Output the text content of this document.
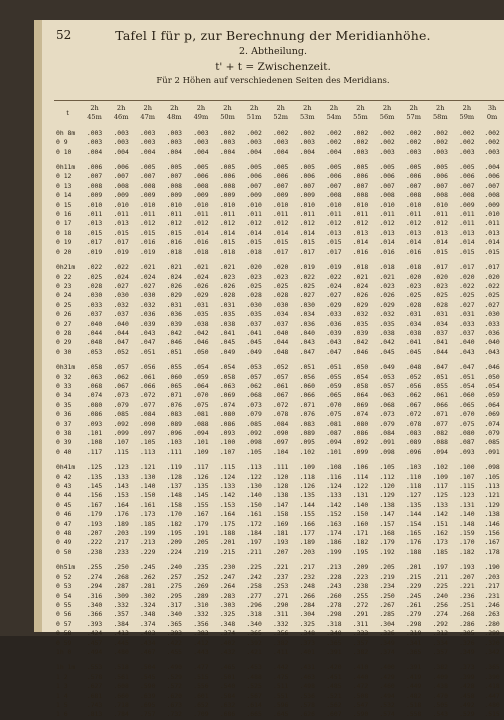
52	Tafel I für p, zur Berechnung der Meridianhöhe.
2. Abtheilung.
t' + t = Zwischenzeit.
Für 2 Höhen auf verschiedenen Seiten des Meridians.
t	2h 45m	2h 46m	2h 47m	2h 48m	2h 49m	2h 50m	2h 51m	2h 52m	2h 53m	2h 54m	2h 55m	2h 56m	2h 57m	2h 58m	2h 59m	3h 0m
0h 8m	.003	.003	.003	.003	.003	.002	.002	.002	.002	.002	.002	.002	.002	.002	.002	.002
0 9	.003	.003	.003	.003	.003	.003	.003	.003	.003	.002	.002	.002	.002	.002	.002	.002
0 10	.004	.004	.004	.004	.004	.004	.004	.004	.004	.004	.003	.003	.003	.003	.003	.003

0h11m	.006	.006	.005	.005	.005	.005	.005	.005	.005	.005	.005	.005	.005	.005	.005	.004
0 12	.007	.007	.007	.007	.006	.006	.006	.006	.006	.006	.006	.006	.006	.006	.006	.006
0 13	.008	.008	.008	.008	.008	.008	.007	.007	.007	.007	.007	.007	.007	.007	.007	.007
0 14	.009	.009	.009	.009	.009	.009	.009	.009	.009	.008	.008	.008	.008	.008	.008	.008
0 15	.010	.010	.010	.010	.010	.010	.010	.010	.010	.010	.010	.010	.010	.010	.009	.009
0 16	.011	.011	.011	.011	.011	.011	.011	.011	.011	.011	.011	.011	.011	.011	.011	.010
0 17	.013	.013	.012	.012	.012	.012	.012	.012	.012	.012	.012	.012	.012	.012	.011	.011
0 18	.015	.015	.015	.015	.014	.014	.014	.014	.014	.013	.013	.013	.013	.013	.013	.013
0 19	.017	.017	.016	.016	.016	.015	.015	.015	.015	.015	.014	.014	.014	.014	.014	.014
0 20	.019	.019	.019	.018	.018	.018	.018	.017	.017	.017	.016	.016	.016	.015	.015	.015

0h21m	.022	.022	.021	.021	.021	.021	.020	.020	.019	.019	.018	.018	.018	.017	.017	.017
0 22	.025	.024	.024	.024	.024	.023	.023	.023	.022	.022	.021	.021	.020	.020	.020	.020
0 23	.028	.027	.027	.026	.026	.026	.025	.025	.025	.024	.024	.023	.023	.023	.022	.022
0 24	.030	.030	.030	.029	.029	.028	.028	.028	.027	.027	.026	.026	.025	.025	.025	.025
0 25	.033	.032	.032	.031	.031	.031	.030	.030	.030	.029	.029	.029	.028	.028	.027	.027
0 26	.037	.037	.036	.036	.035	.035	.035	.034	.034	.033	.032	.032	.031	.031	.031	.030
0 27	.040	.040	.039	.039	.038	.038	.037	.037	.036	.036	.035	.035	.034	.034	.033	.033
0 28	.044	.044	.043	.042	.042	.041	.041	.040	.040	.039	.039	.038	.038	.037	.037	.036
0 29	.048	.047	.047	.046	.046	.045	.045	.044	.043	.043	.042	.042	.041	.041	.040	.040
0 30	.053	.052	.051	.051	.050	.049	.049	.048	.047	.047	.046	.045	.045	.044	.043	.043

0h31m	.058	.057	.056	.055	.054	.054	.053	.052	.051	.051	.050	.049	.048	.047	.047	.046
0 32	.063	.062	.061	.060	.059	.058	.057	.057	.056	.055	.054	.053	.052	.051	.051	.050
0 33	.068	.067	.066	.065	.064	.063	.062	.061	.060	.059	.058	.057	.056	.055	.054	.054
0 34	.074	.073	.072	.071	.070	.069	.068	.067	.066	.065	.064	.063	.062	.061	.060	.059
0 35	.080	.079	.077	.076	.075	.074	.073	.072	.071	.070	.069	.068	.067	.066	.065	.064
0 36	.086	.085	.084	.083	.081	.080	.079	.078	.076	.075	.074	.073	.072	.071	.070	.069
0 37	.093	.092	.090	.089	.088	.086	.085	.084	.083	.081	.080	.079	.078	.077	.075	.074
0 38	.101	.099	.097	.096	.094	.093	.092	.090	.089	.087	.086	.084	.083	.082	.080	.079
0 39	.108	.107	.105	.103	.101	.100	.098	.097	.095	.094	.092	.091	.089	.088	.087	.085
0 40	.117	.115	.113	.111	.109	.107	.105	.104	.102	.101	.099	.098	.096	.094	.093	.091

0h41m	.125	.123	.121	.119	.117	.115	.113	.111	.109	.108	.106	.105	.103	.102	.100	.098
0 42	.135	.133	.130	.128	.126	.124	.122	.120	.118	.116	.114	.112	.110	.109	.107	.105
0 43	.145	.143	.140	.137	.135	.133	.130	.128	.126	.124	.122	.120	.118	.117	.115	.113
0 44	.156	.153	.150	.148	.145	.142	.140	.138	.135	.133	.131	.129	.127	.125	.123	.121
0 45	.167	.164	.161	.158	.155	.153	.150	.147	.144	.142	.140	.138	.135	.133	.131	.129
0 46	.179	.176	.173	.170	.167	.164	.161	.158	.155	.152	.150	.147	.144	.142	.140	.138
0 47	.193	.189	.185	.182	.179	.175	.172	.169	.166	.163	.160	.157	.154	.151	.148	.146
0 48	.207	.203	.199	.195	.191	.188	.184	.181	.177	.174	.171	.168	.165	.162	.159	.156
0 49	.222	.217	.213	.209	.205	.201	.197	.193	.189	.186	.182	.179	.176	.173	.170	.167
0 50	.238	.233	.229	.224	.219	.215	.211	.207	.203	.199	.195	.192	.188	.185	.182	.178

0h51m	.255	.250	.245	.240	.235	.230	.225	.221	.217	.213	.209	.205	.201	.197	.193	.190
0 52	.274	.268	.262	.257	.252	.247	.242	.237	.232	.228	.223	.219	.215	.211	.207	.203
0 53	.294	.287	.281	.275	.269	.264	.258	.253	.248	.243	.238	.234	.229	.225	.221	.217
0 54	.316	.309	.302	.295	.289	.283	.277	.271	.266	.260	.255	.250	.245	.240	.236	.231
0 55	.340	.332	.324	.317	.310	.303	.296	.290	.284	.278	.272	.267	.261	.256	.251	.246
0 56	.366	.357	.348	.340	.332	.325	.318	.311	.304	.298	.291	.285	.279	.274	.268	.263
0 57	.393	.384	.374	.365	.356	.348	.340	.332	.325	.318	.311	.304	.298	.292	.286	.280
0 58	.424	.413	.403	.393	.383	.374	.365	.356	.348	.340	.333	.326	.319	.312	.305	.299
0 59	.457	.445	.434	.422	.412	.402	.392	.382	.373	.365	.357	.349	.341	.334	.326	.320
1h 0	.494	.480	.467	.455	.443	.432	.421	.411	.401	.391	.382	.374	.365	.357	.349	.342

1h 1m	.553	.518	.504	.490	.477	.465	.453	.442	.431	.420	.410	.400	.391	.382	.373	.365
1 2	.578	.561	.545	.529	.515	.501	.488	.475	.463	.451	.440	.429	.419	.409	.399	.390
1 3	.627	.608	.590	.572	.556	.540	.525	.511	.498	.485	.472	.460	.449	.438	.428	.418
1 4	.681	.660	.639	.620	.601	.584	.567	.551	.536	.521	.508	.494	.482	.470	.458	.447
1 5	.743	.718	.695	.673	.652	.632	.614	.596	.578	.562	.547	.532	.518	.505	.492	.480
1 6	.813	.784	.757	.732	.709	.686	.665	.645	.626	.607	.590	.574	.558	.543	.529	.515
